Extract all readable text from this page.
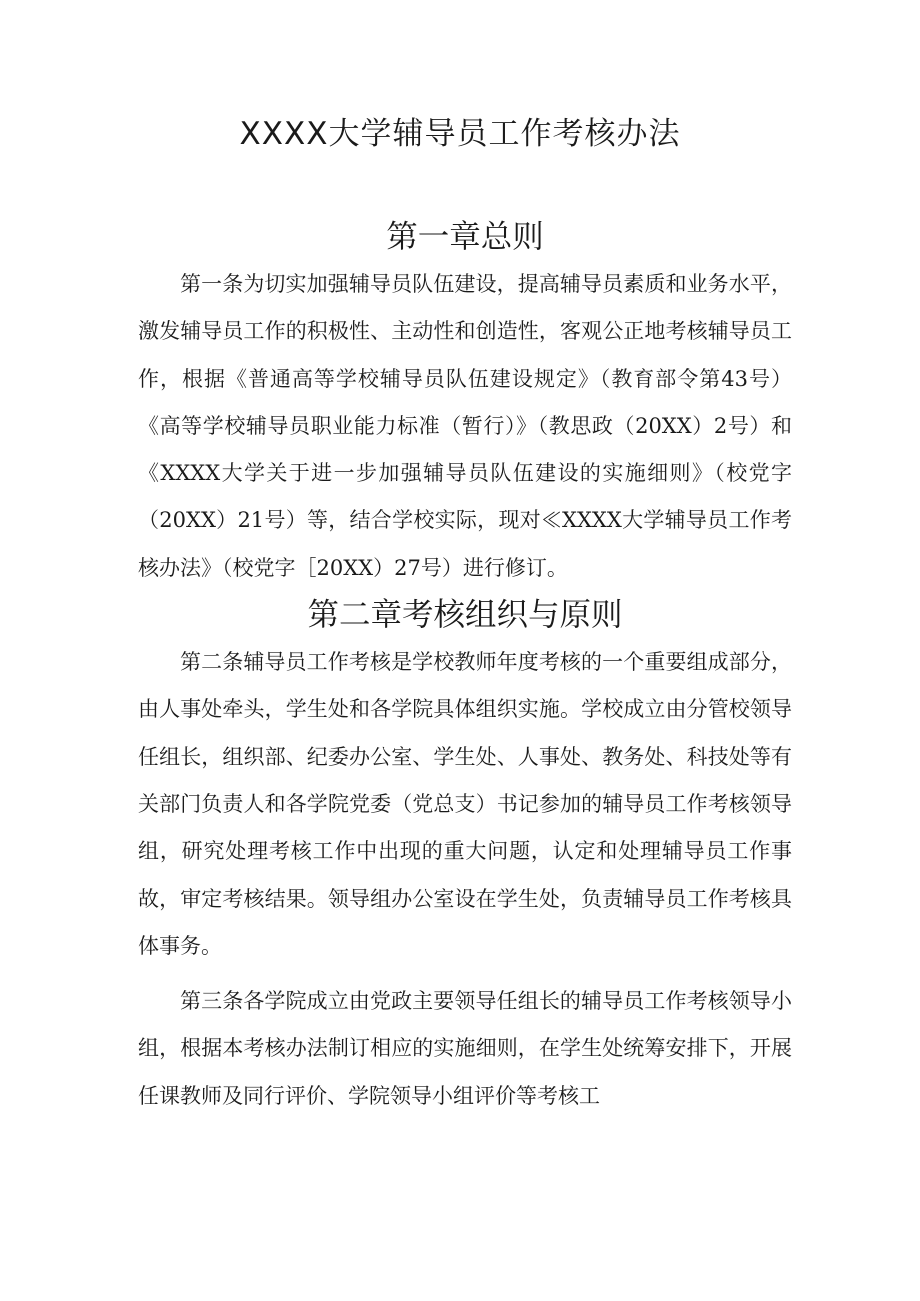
XXXX大学辅导员工作考核办法
第一章总则

第一条为切实加强辅导员队伍建设，提高辅导员素质和业务水平，激发辅导员工作的积极性、主动性和创造性，客观公正地考核辅导员工作，根据《普通高等学校辅导员队伍建设规定》（教育部令第43号）《高等学校辅导员职业能力标准（暂行）》（教思政（20XX）2号）和《XXXX大学关于进一步加强辅导员队伍建设的实施细则》（校党字（20XX）21号）等，结合学校实际，现对≪XXXX大学辅导员工作考核办法》（校党字［20XX）27号）进行修订。

第二章考核组织与原则

第二条辅导员工作考核是学校教师年度考核的一个重要组成部分，由人事处牵头，学生处和各学院具体组织实施。学校成立由分管校领导任组长，组织部、纪委办公室、学生处、人事处、教务处、科技处等有关部门负责人和各学院党委（党总支）书记参加的辅导员工作考核领导组，研究处理考核工作中出现的重大问题，认定和处理辅导员工作事故，审定考核结果。领导组办公室设在学生处，负责辅导员工作考核具体事务。

第三条各学院成立由党政主要领导任组长的辅导员工作考核领导小组，根据本考核办法制订相应的实施细则，在学生处统筹安排下，开展任课教师及同行评价、学院领导小组评价等考核工
